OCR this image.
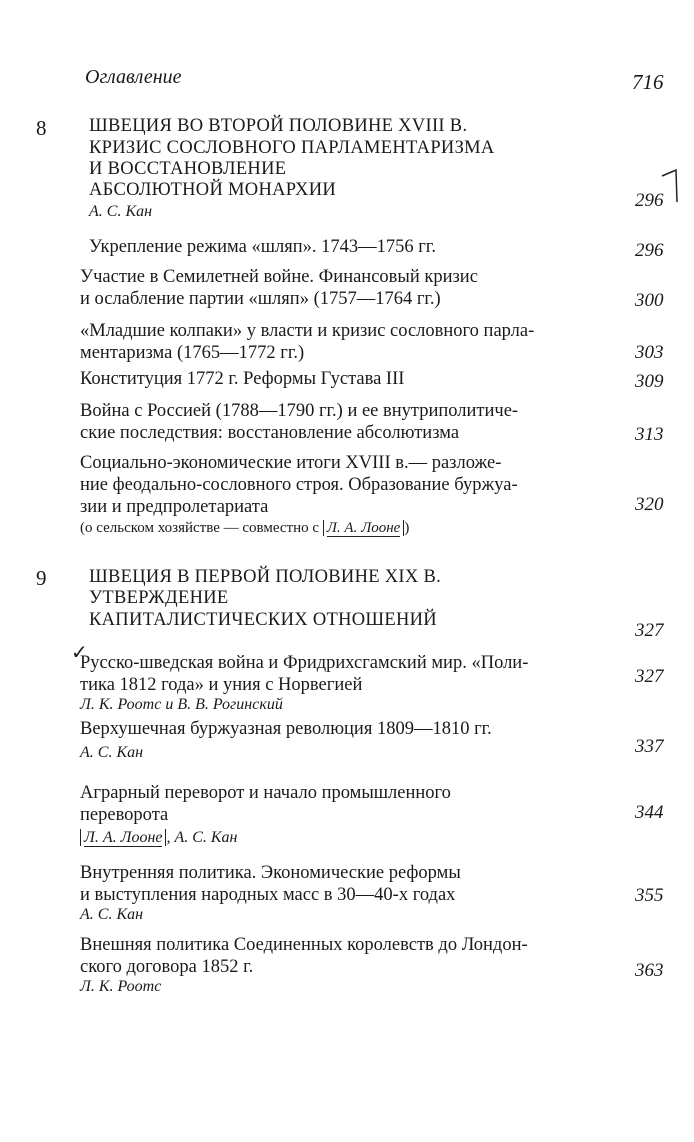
Оглавление	716
8 ШВЕЦИЯ ВО ВТОРОЙ ПОЛОВИНЕ XVIII В.
КРИЗИС СОСЛОВНОГО ПАРЛАМЕНТАРИЗМА
И ВОССТАНОВЛЕНИЕ
АБСОЛЮТНОЙ МОНАРХИИ
А. С. Кан
296
Укрепление режима «шляп». 1743—1756 гг.	296
Участие в Семилетней войне. Финансовый кризис
и ослабление партии «шляп» (1757—1764 гг.)	300
«Младшие колпаки» у власти и кризис сословного парла-
ментаризма (1765—1772 гг.)	303
Конституция 1772 г. Реформы Густава III	309
Война с Россией (1788—1790 гг.) и ее внутриполитиче-
ские последствия: восстановление абсолютизма	313
Социально-экономические итоги XVIII в.— разложе-
ние феодально-сословного строя. Образование буржуа-
зии и предпролетариата	320
(о сельском хозяйстве — совместно с Л. А. Лооне )
9 ШВЕЦИЯ В ПЕРВОЙ ПОЛОВИНЕ XIX В.
УТВЕРЖДЕНИЕ
КАПИТАЛИСТИЧЕСКИХ ОТНОШЕНИЙ	327
✓
Русско-шведская война и Фридрихсгамский мир. «Поли-
тика 1812 года» и уния с Норвегией
Л. К. Роотс и В. В. Рогинский
327
Верхушечная буржуазная революция 1809—1810 гг.
А. С. Кан	337
Аграрный переворот и начало промышленного
переворота
Л. А. Лооне , А. С. Кан
344
Внутренняя политика. Экономические реформы
и выступления народных масс в 30—40-х годах
А. С. Кан
355
Внешняя политика Соединенных королевств до Лондон-
ского договора 1852 г.
Л. К. Роотс
363
